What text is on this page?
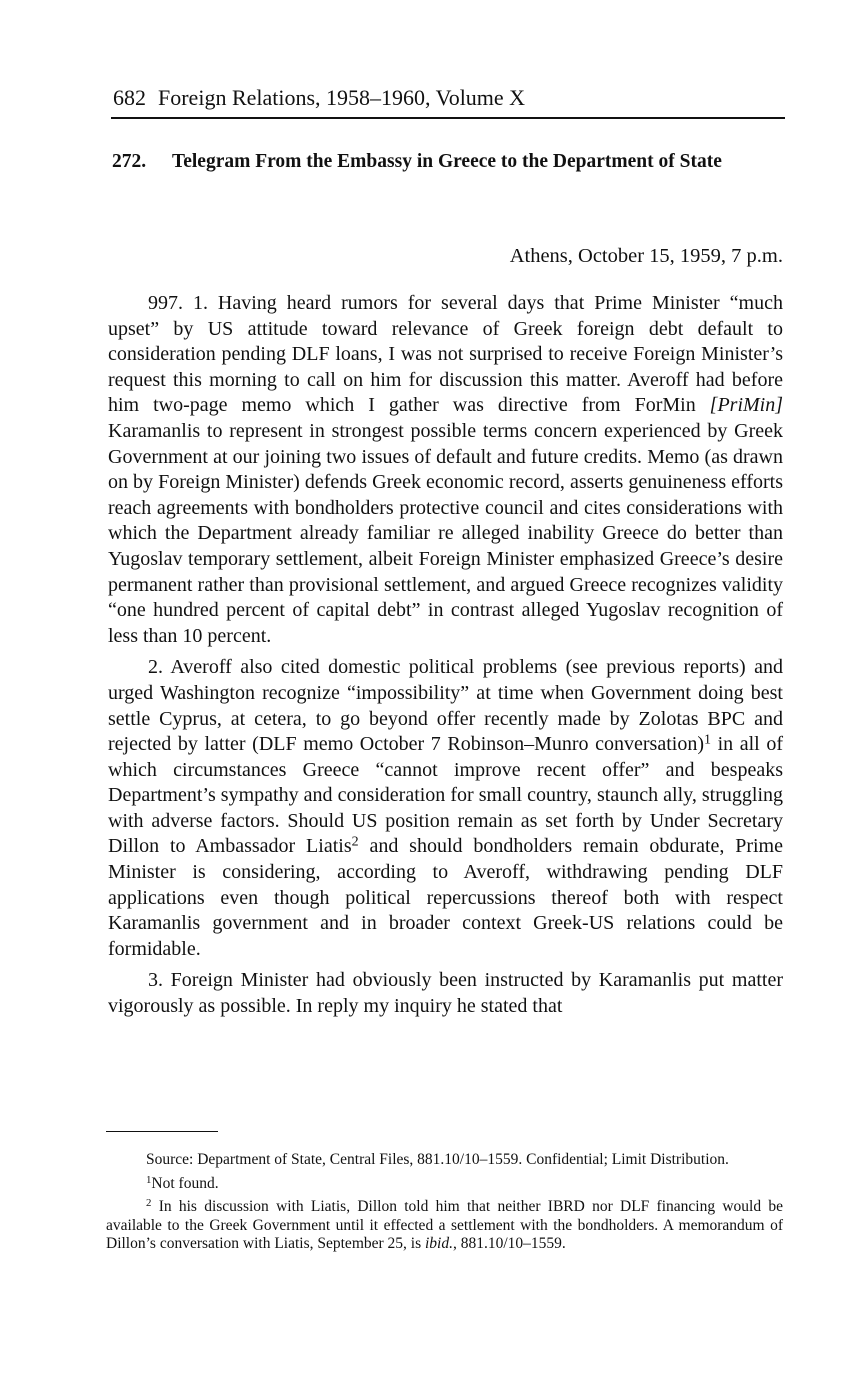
682 Foreign Relations, 1958–1960, Volume X
272. Telegram From the Embassy in Greece to the Department of State
Athens, October 15, 1959, 7 p.m.

997. 1. Having heard rumors for several days that Prime Minister “much upset” by US attitude toward relevance of Greek foreign debt default to consideration pending DLF loans, I was not surprised to receive Foreign Minister’s request this morning to call on him for discussion this matter. Averoff had before him two-page memo which I gather was directive from ForMin [PriMin] Karamanlis to represent in strongest possible terms concern experienced by Greek Government at our joining two issues of default and future credits. Memo (as drawn on by Foreign Minister) defends Greek economic record, asserts genuineness efforts reach agreements with bondholders protective council and cites considerations with which the Department already familiar re alleged inability Greece do better than Yugoslav temporary settlement, albeit Foreign Minister emphasized Greece’s desire permanent rather than provisional settlement, and argued Greece recognizes validity “one hundred percent of capital debt” in contrast alleged Yugoslav recognition of less than 10 percent.

2. Averoff also cited domestic political problems (see previous reports) and urged Washington recognize “impossibility” at time when Government doing best settle Cyprus, at cetera, to go beyond offer recently made by Zolotas BPC and rejected by latter (DLF memo October 7 Robinson–Munro conversation)$^1$ in all of which circumstances Greece “cannot improve recent offer” and bespeaks Department’s sympathy and consideration for small country, staunch ally, struggling with adverse factors. Should US position remain as set forth by Under Secretary Dillon to Ambassador Liatis$^2$ and should bondholders remain obdurate, Prime Minister is considering, according to Averoff, withdrawing pending DLF applications even though political repercussions thereof both with respect Karamanlis government and in broader context Greek-US relations could be formidable.

3. Foreign Minister had obviously been instructed by Karamanlis put matter vigorously as possible. In reply my inquiry he stated that

Source: Department of State, Central Files, 881.10/10–1559. Confidential; Limit Distribution.

$^1$Not found.

$^2$ In his discussion with Liatis, Dillon told him that neither IBRD nor DLF financing would be available to the Greek Government until it effected a settlement with the bondholders. A memorandum of Dillon’s conversation with Liatis, September 25, is ibid., 881.10/10–1559.
